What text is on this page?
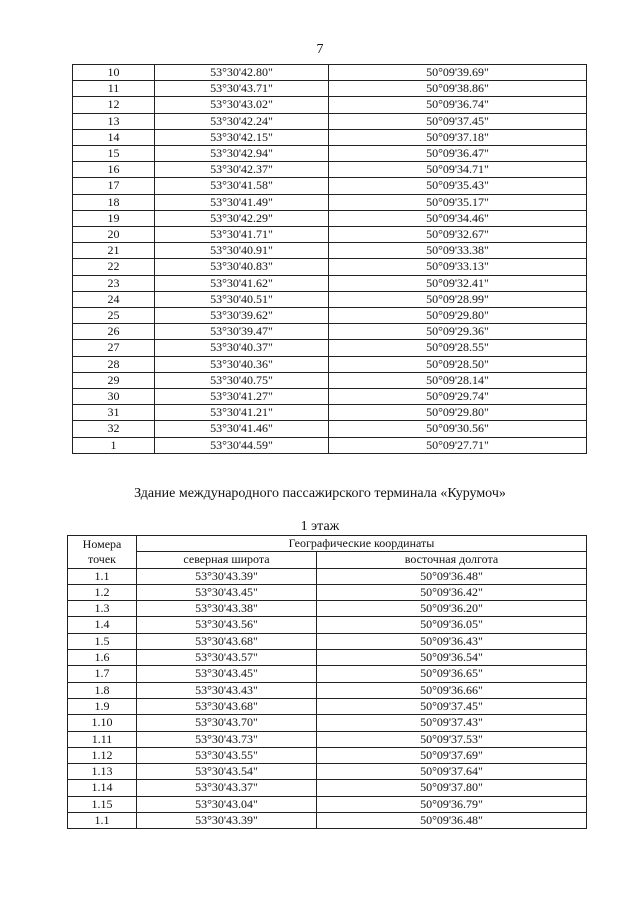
7
10	53°30'42.80"	50°09'39.69"
11	53°30'43.71"	50°09'38.86"
12	53°30'43.02"	50°09'36.74"
13	53°30'42.24"	50°09'37.45"
14	53°30'42.15"	50°09'37.18"
15	53°30'42.94"	50°09'36.47"
16	53°30'42.37"	50°09'34.71"
17	53°30'41.58"	50°09'35.43"
18	53°30'41.49"	50°09'35.17"
19	53°30'42.29"	50°09'34.46"
20	53°30'41.71"	50°09'32.67"
21	53°30'40.91"	50°09'33.38"
22	53°30'40.83"	50°09'33.13"
23	53°30'41.62"	50°09'32.41"
24	53°30'40.51"	50°09'28.99"
25	53°30'39.62"	50°09'29.80"
26	53°30'39.47"	50°09'29.36"
27	53°30'40.37"	50°09'28.55"
28	53°30'40.36"	50°09'28.50"
29	53°30'40.75"	50°09'28.14"
30	53°30'41.27"	50°09'29.74"
31	53°30'41.21"	50°09'29.80"
32	53°30'41.46"	50°09'30.56"
1	53°30'44.59"	50°09'27.71"
Здание международного пассажирского терминала «Курумоч»
1 этаж
Номера точек	Географические координаты	
	северная широта	восточная долгота
1.1	53°30'43.39"	50°09'36.48"
1.2	53°30'43.45"	50°09'36.42"
1.3	53°30'43.38"	50°09'36.20"
1.4	53°30'43.56"	50°09'36.05"
1.5	53°30'43.68"	50°09'36.43"
1.6	53°30'43.57"	50°09'36.54"
1.7	53°30'43.45"	50°09'36.65"
1.8	53°30'43.43"	50°09'36.66"
1.9	53°30'43.68"	50°09'37.45"
1.10	53°30'43.70"	50°09'37.43"
1.11	53°30'43.73"	50°09'37.53"
1.12	53°30'43.55"	50°09'37.69"
1.13	53°30'43.54"	50°09'37.64"
1.14	53°30'43.37"	50°09'37.80"
1.15	53°30'43.04"	50°09'36.79"
1.1	53°30'43.39"	50°09'36.48"
